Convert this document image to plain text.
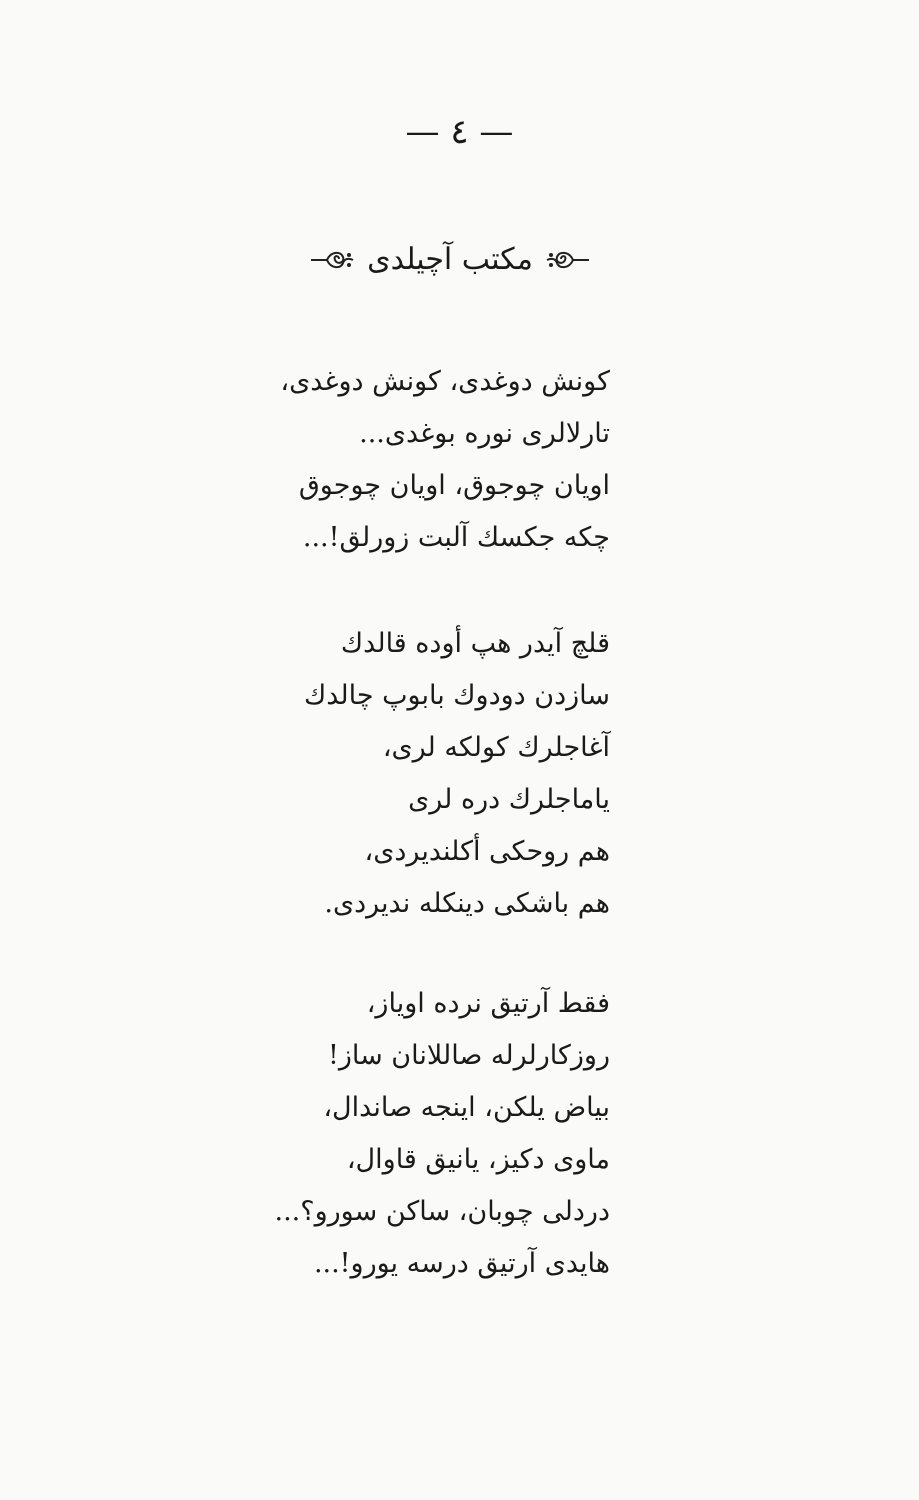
— ٤ —
مكتب آچيلدى
كونش دوغدى، كونش دوغدى،
تارلالرى نوره بوغدى...
اويان چوجوق، اويان چوجوق
چكه جكسك آلبت زورلق!...
قلچ آيدر هپ أوده قالدك
سازدن دودوك بابوپ چالدك
آغاجلرك كولكه لرى،
ياماجلرك دره لرى
هم روحكى أكلنديردى،
هم باشكى دينكله نديردى.
فقط آرتيق نرده اوياز،
روزكارلرله صاللانان ساز!
بياض يلكن، اينجه صاندال،
ماوى دكيز، يانيق قاوال،
دردلى چوبان، ساكن سورو؟...
هايدى آرتيق درسه يورو!...
